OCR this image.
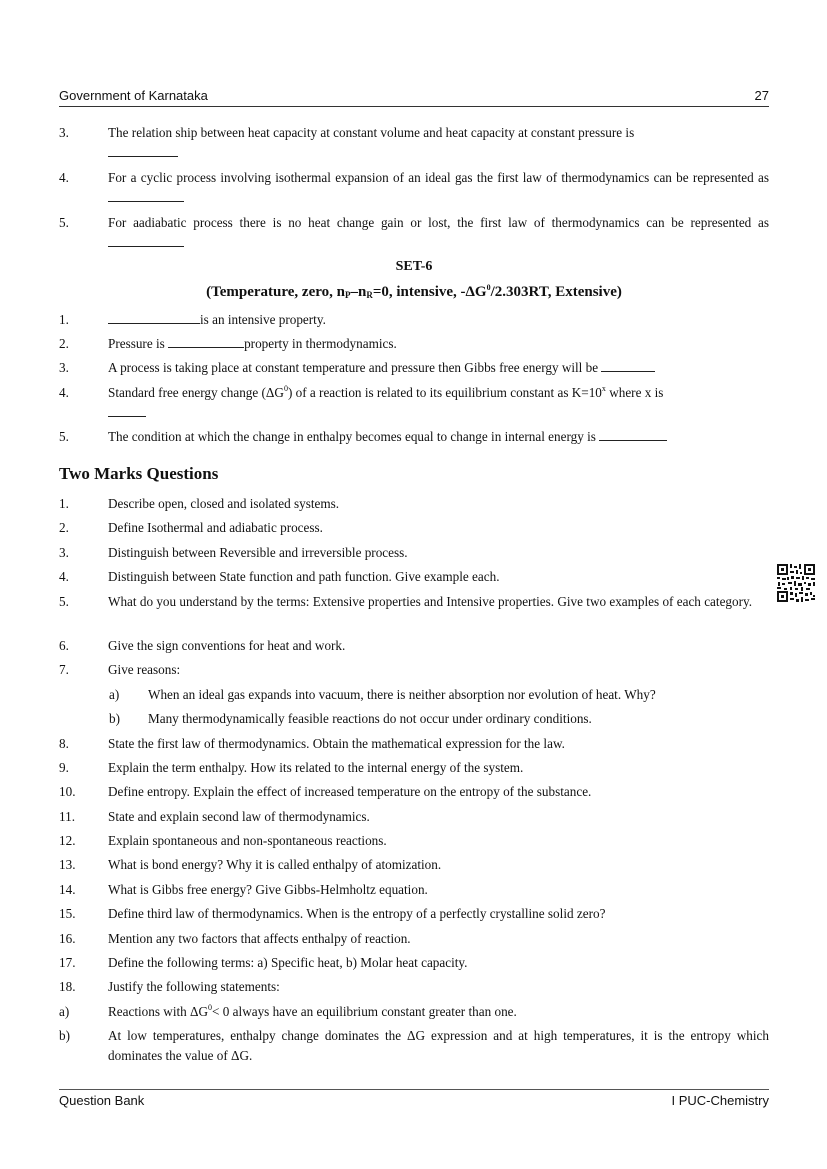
Government of Karnataka	27
3.	The relation ship between heat capacity at constant volume and heat capacity at constant pressure is

4.	For a cyclic process involving isothermal expansion of an ideal gas the first law of thermodynamics can be represented as
5.	For aadiabatic process there is no heat change gain or lost, the first law of thermodynamics can be represented as
SET-6
(Temperature, zero, $n_P-n_R=0$, intensive, $-\Delta G^0/2.303RT$, Extensive)
1.	is an intensive property.
2.	Pressure is	property in thermodynamics.
3.	A process is taking place at constant temperature and pressure then Gibbs free energy will be
4.	Standard free energy change $(\Delta G^0)$ of a reaction is related to its equilibrium constant as $K=10^x$ where x is

5.	The condition at which the change in enthalpy becomes equal to change in internal energy is
Two Marks Questions
1.	Describe open, closed and isolated systems.
2.	Define Isothermal and adiabatic process.
3.	Distinguish between Reversible and irreversible process.
4.	Distinguish between State function and path function. Give example each.
5.	What do you understand by the terms: Extensive properties and Intensive properties. Give two examples of each category.
6.	Give the sign conventions for heat and work.
7.	Give reasons:
a) When an ideal gas expands into vacuum, there is neither absorption nor evolution of heat. Why?
b) Many thermodynamically feasible reactions do not occur under ordinary conditions.
8.	State the first law of thermodynamics. Obtain the mathematical expression for the law.
9.	Explain the term enthalpy. How its related to the internal energy of the system.
10. Define entropy. Explain the effect of increased temperature on the entropy of the substance.
11.	State and explain second law of thermodynamics.
12. Explain spontaneous and non-spontaneous reactions.
13. What is bond energy? Why it is called enthalpy of atomization.
14. What is Gibbs free energy? Give Gibbs-Helmholtz equation.
15. Define third law of thermodynamics. When is the entropy of a perfectly crystalline solid zero?
16. Mention any two factors that affects enthalpy of reaction.
17. Define the following terms: a) Specific heat, b) Molar heat capacity.
18. Justify the following statements:
a)	Reactions with $\Delta G^0< 0$ always have an equilibrium constant greater than one.
b)	At low temperatures, enthalpy change dominates the ΔG expression and at high temperatures, it is the entropy which dominates the value of ΔG.
Question Bank	I PUC-Chemistry
